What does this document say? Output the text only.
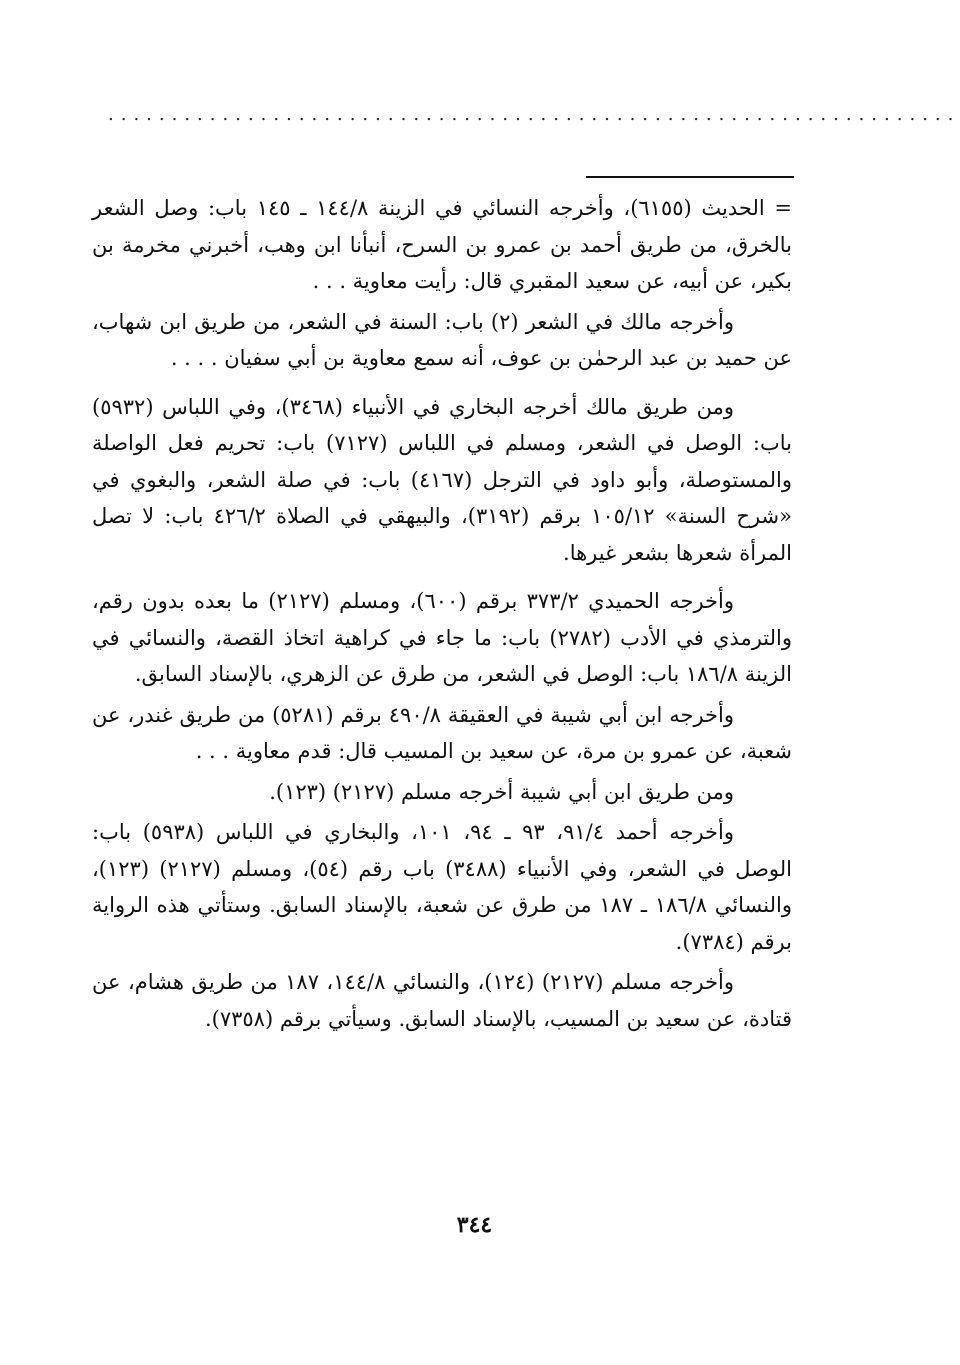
...................................................................

= الحديث (٦١٥٥)، وأخرجه النسائي في الزينة ١٤٤/٨ ـ ١٤٥ باب: وصل الشعر بالخرق، من طريق أحمد بن عمرو بن السرح، أنبأنا ابن وهب، أخبرني مخرمة بن بكير، عن أبيه، عن سعيد المقبري قال: رأيت معاوية . . .

وأخرجه مالك في الشعر (٢) باب: السنة في الشعر، من طريق ابن شهاب، عن حميد بن عبد الرحمٰن بن عوف، أنه سمع معاوية بن أبي سفيان . . . .

ومن طريق مالك أخرجه البخاري في الأنبياء (٣٤٦٨)، وفي اللباس (٥٩٣٢) باب: الوصل في الشعر، ومسلم في اللباس (٧١٢٧) باب: تحريم فعل الواصلة والمستوصلة، وأبو داود في الترجل (٤١٦٧) باب: في صلة الشعر، والبغوي في «شرح السنة» ١٠٥/١٢ برقم (٣١٩٢)، والبيهقي في الصلاة ٤٢٦/٢ باب: لا تصل المرأة شعرها بشعر غيرها.

وأخرجه الحميدي ٣٧٣/٢ برقم (٦٠٠)، ومسلم (٢١٢٧) ما بعده بدون رقم، والترمذي في الأدب (٢٧٨٢) باب: ما جاء في كراهية اتخاذ القصة، والنسائي في الزينة ١٨٦/٨ باب: الوصل في الشعر، من طرق عن الزهري، بالإسناد السابق.

وأخرجه ابن أبي شيبة في العقيقة ٤٩٠/٨ برقم (٥٢٨١) من طريق غندر، عن شعبة، عن عمرو بن مرة، عن سعيد بن المسيب قال: قدم معاوية . . .

ومن طريق ابن أبي شيبة أخرجه مسلم (٢١٢٧) (١٢٣).

وأخرجه أحمد ٩١/٤، ٩٣ ـ ٩٤، ١٠١، والبخاري في اللباس (٥٩٣٨) باب: الوصل في الشعر، وفي الأنبياء (٣٤٨٨) باب رقم (٥٤)، ومسلم (٢١٢٧) (١٢٣)، والنسائي ١٨٦/٨ ـ ١٨٧ من طرق عن شعبة، بالإسناد السابق. وستأتي هذه الرواية برقم (٧٣٨٤).

وأخرجه مسلم (٢١٢٧) (١٢٤)، والنسائي ١٤٤/٨، ١٨٧ من طريق هشام، عن قتادة، عن سعيد بن المسيب، بالإسناد السابق. وسيأتي برقم (٧٣٥٨).

٣٤٤
